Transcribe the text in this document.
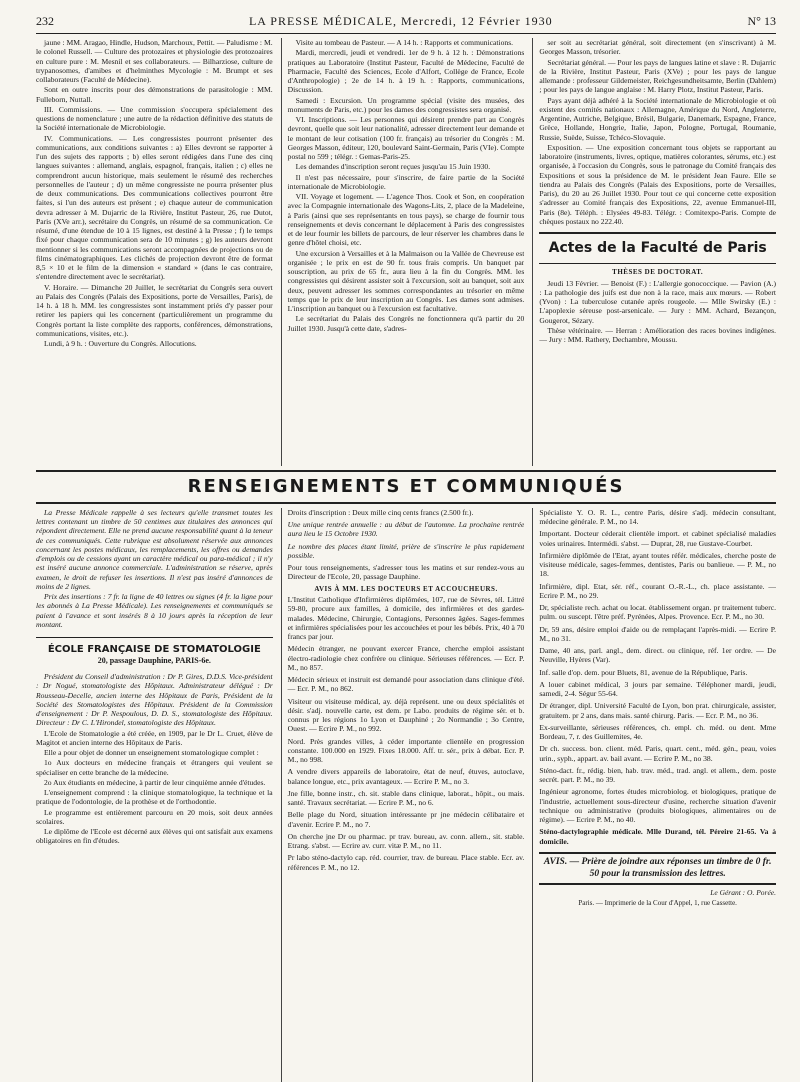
232	LA PRESSE MÉDICALE, Mercredi, 12 Février 1930	N° 13

jaune : MM. Aragao, Hindle, Hudson, Marchoux, Pettit. — Paludisme : M. le colonel Russell. — Culture des protozaires et physiologie des protozoaires en culture pure : M. Mesnil et ses collaborateurs. — Bilharziose, culture de trypanosomes, d'amibes et d'helminthes Mycologie : M. Brumpt et ses collaborateurs (Faculté de Médecine).

Sont en outre inscrits pour des démonstrations de parasitologie : MM. Fulleborn, Nuttall.

III. Commissions. — Une commission s'occupera spécialement des questions de nomenclature ; une autre de la rédaction définitive des statuts de la Société internationale de Microbiologie.

IV. Communications. — Les congressistes pourront présenter des communications, aux conditions suivantes : a) Elles devront se rapporter à l'un des sujets des rapports ; b) elles seront rédigées dans l'une des cinq langues suivantes : allemand, anglais, espagnol, français, italien ; c) elles ne comprendront aucun historique, mais seulement le résumé des recherches personnelles de l'auteur ; d) un même congressiste ne pourra présenter plus de deux communications. Des communications collectives pourront être faites, si l'un des auteurs est présent ; e) chaque auteur de communication devra adresser à M. Dujarric de la Rivière, Institut Pasteur, 26, rue Dutot, Paris (XVe arr.), secrétaire du Congrès, un résumé de sa communication. Ce résumé, d'une étendue de 10 à 15 lignes, est destiné à la Presse ; f) le temps fixé pour chaque communication sera de 10 minutes ; g) les auteurs devront mentionner si les communications seront accompagnées de projections ou de films cinématographiques. Les clichés de projection devront être de format 8,5 × 10 et le film de la dimension « standard » (dans le cas contraire, s'entendre directement avec le secrétariat).

V. Horaire. — Dimanche 20 Juillet, le secrétariat du Congrès sera ouvert au Palais des Congrès (Palais des Expositions, porte de Versailles, Paris), de 14 h. à 18 h. MM. les congressistes sont instamment priés d'y passer pour retirer les papiers qui les concernent (particulièrement un programme du Congrès portant la liste complète des rapports, conférences, démonstrations, communications, visites, etc.).

Lundi, à 9 h. : Ouverture du Congrès. Allocutions.

Visite au tombeau de Pasteur. — A 14 h. : Rapports et communications.

Mardi, mercredi, jeudi et vendredi. 1er de 9 h. à 12 h. : Démonstrations pratiques au Laboratoire (Institut Pasteur, Faculté de Médecine, Faculté de Pharmacie, Faculté des Sciences, Ecole d'Alfort, Collège de France, Ecole d'Anthropologie) ; 2e de 14 h. à 19 h. : Rapports, communications, Discussion.

Samedi : Excursion. Un programme spécial (visite des musées, des monuments de Paris, etc.) pour les dames des congressistes sera organisé.

VI. Inscriptions. — Les personnes qui désirent prendre part au Congrès devront, quelle que soit leur nationalité, adresser directement leur demande et le montant de leur cotisation (100 fr. français) au trésorier du Congrès : M. Georges Masson, éditeur, 120, boulevard Saint-Germain, Paris (VIe). Compte postal no 599 ; télégr. : Gemas-Paris-25.

Les demandes d'inscription seront reçues jusqu'au 15 Juin 1930.

Il n'est pas nécessaire, pour s'inscrire, de faire partie de la Société internationale de Microbiologie.

VII. Voyage et logement. — L'agence Thos. Cook et Son, en coopération avec la Compagnie internationale des Wagons-Lits, 2, place de la Madeleine, à Paris (ainsi que ses représentants en tous pays), se charge de fournir tous renseignements et devis concernant le déplacement à Paris des congressistes et de leur fournir les billets de parcours, de leur réserver les chambres dans le genre d'hôtel choisi, etc.

Une excursion à Versailles et à la Malmaison ou la Vallée de Chevreuse est organisée ; le prix en est de 90 fr. tous frais compris. Un banquet par souscription, au prix de 65 fr., aura lieu à la fin du Congrès. MM. les congressistes qui désirent assister soit à l'excursion, soit au banquet, soit aux deux, peuvent adresser les sommes correspondantes au trésorier en même temps que le prix de leur inscription au Congrès. Les dames sont admises. L'inscription au banquet ou à l'excursion est facultative.

Le secrétariat du Palais des Congrès ne fonctionnera qu'à partir du 20 Juillet 1930. Jusqu'à cette date, s'adres-

ser soit au secrétariat général, soit directement (en s'inscrivant) à M. Georges Masson, trésorier.

Secrétariat général. — Pour les pays de langues latine et slave : R. Dujarric de la Rivière, Institut Pasteur, Paris (XVe) ; pour les pays de langue allemande : professeur Gildemeister, Reichgesundheitsamte, Berlin (Dahlem) ; pour les pays de langue anglaise : M. Harry Plotz, Institut Pasteur, Paris.

Pays ayant déjà adhéré à la Société internationale de Microbiologie et où existent des comités nationaux : Allemagne, Amérique du Nord, Angleterre, Argentine, Autriche, Belgique, Brésil, Bulgarie, Danemark, Espagne, France, Grèce, Hollande, Hongrie, Italie, Japon, Pologne, Portugal, Roumanie, Russie, Suède, Suisse, Tchéco-Slovaquie.

Exposition. — Une exposition concernant tous objets se rapportant au laboratoire (instruments, livres, optique, matières colorantes, sérums, etc.) est organisée, à l'occasion du Congrès, sous le patronage du Comité français des Expositions et sous la présidence de M. le président Jean Faure. Elle se tiendra au Palais des Congrès (Palais des Expositions, porte de Versailles, Paris), du 20 au 26 Juillet 1930. Pour tout ce qui concerne cette exposition s'adresser au Comité français des Expositions, 22, avenue Emmanuel-III, Paris (8e). Téléph. : Elysées 49-83. Télégr. : Comitexpo-Paris. Compte de chèques postaux no 222.40.

Actes de la Faculté de Paris
THÈSES DE DOCTORAT.

Jeudi 13 Février. — Benoist (F.) : L'allergie gonococcique. — Pavion (A.) : La pathologie des juifs est due non à la race, mais aux mœurs. — Robert (Yvon) : La tuberculose cutanée après rougeole. — Mlle Swirsky (E.) : L'apoplexie séreuse post-arsenicale. — Jury : MM. Achard, Bezançon, Gougerot, Sézary.

Thèse vétérinaire. — Herran : Amélioration des races bovines indigènes. — Jury : MM. Rathery, Dechambre, Moussu.

RENSEIGNEMENTS ET COMMUNIQUÉS

La Presse Médicale rappelle à ses lecteurs qu'elle transmet toutes les lettres contenant un timbre de 50 centimes aux titulaires des annonces qui répondent directement. Elle ne prend aucune responsabilité quant à la teneur de ces communiqués. Cette rubrique est absolument réservée aux annonces concernant les postes médicaux, les remplacements, les offres ou demandes d'emplois ou de cessions ayant un caractère médical ou para-médical ; il n'y est inséré aucune annonce commerciale. L'administration se réserve, après examen, le droit de refuser les insertions. Il n'est pas inséré d'annonces de moins de 2 lignes.

Prix des insertions : 7 fr. la ligne de 40 lettres ou signes (4 fr. la ligne pour les abonnés à La Presse Médicale). Les renseignements et communiqués se paient à l'avance et sont insérés 8 à 10 jours après la réception de leur montant.

ÉCOLE FRANÇAISE DE STOMATOLOGIE
20, passage Dauphine, PARIS-6e.

Président du Conseil d'administration : Dr P. Gires, D.D.S. Vice-président : Dr Nogué, stomatologiste des Hôpitaux. Administrateur délégué : Dr Rousseau-Decelle, ancien interne des Hôpitaux de Paris, Président de la Société des Stomatologistes des Hôpitaux. Président de la Commission d'enseignement : Dr P. Nespoulous, D. D. S., stomatologiste des Hôpitaux. Directeur : Dr C. L'Hirondel, stomatologiste des Hôpitaux.

L'Ecole de Stomatologie a été créée, en 1909, par le Dr L. Cruet, élève de Magitot et ancien interne des Hôpitaux de Paris.

Elle a pour objet de donner un enseignement stomatologique complet :

1o Aux docteurs en médecine français et étrangers qui veulent se spécialiser en cette branche de la médecine.

2o Aux étudiants en médecine, à partir de leur cinquième année d'études.

L'enseignement comprend : la clinique stomatologique, la technique et la pratique de l'odontologie, de la prothèse et de l'orthodontie.

Le programme est entièrement parcouru en 20 mois, soit deux années scolaires.

Le diplôme de l'Ecole est décerné aux élèves qui ont satisfait aux examens obligatoires en fin d'études.

Droits d'inscription : Deux mille cinq cents francs (2.500 fr.).

Une unique rentrée annuelle : au début de l'automne. La prochaine rentrée aura lieu le 15 Octobre 1930.

Le nombre des places étant limité, prière de s'inscrire le plus rapidement possible.

Pour tous renseignements, s'adresser tous les matins et sur rendez-vous au Directeur de l'Ecole, 20, passage Dauphine.

AVIS À MM. LES DOCTEURS ET ACCOUCHEURS.

L'Institut Catholique d'Infirmières diplômées, 107, rue de Sèvres, tél. Littré 59-80, procure aux familles, à domicile, des infirmières et des gardes-malades. Médecine, Chirurgie, Contagions, Personnes âgées. Sages-femmes et infirmières spécialisées pour les accouchées et pour les bébés. Prix, 40 à 70 francs par jour.

Médecin étranger, ne pouvant exercer France, cherche emploi assistant électro-radiologie chez confrère ou clinique. Sérieuses références. — Ecr. P. M., no 857.

Médecin sérieux et instruit est demandé pour association dans clinique d'été. — Ecr. P. M., no 862.

Visiteur ou visiteuse médical, ay. déjà représent. une ou deux spécialités et désir. s'adj. nouvelle carte, est dem. pr Labo. produits de régime sér. et b. connus pr les régions 1o Lyon et Dauphiné ; 2o Normandie ; 3o Centre, Ouest. — Ecrire P. M., no 992.

Nord. Près grandes villes, à céder importante clientèle en progression constante. 100.000 en 1929. Fixes 18.000. Aff. tr. sér., prix à débat. Ecr. P. M., no 998.

A vendre divers appareils de laboratoire, état de neuf, étuves, autoclave, balance longue, etc., prix avantageux. — Ecrire P. M., no 3.

Jne fille, bonne instr., ch. sit. stable dans clinique, laborat., hôpit., ou mais. santé. Travaux secrétariat. — Ecrire P. M., no 6.

Belle plage du Nord, situation intéressante pr jne médecin célibataire et d'avenir. Ecrire P. M., no 7.

On cherche jne Dr ou pharmac. pr trav. bureau, av. conn. allem., sit. stable. Etrang. s'abst. — Ecrire av. curr. vitæ P. M., no 11.

Pr labo sténo-dactylo cap. réd. courrier, trav. de bureau. Place stable. Ecr. av. références P. M., no 12.

Spécialiste Y. O. R. L., centre Paris, désire s'adj. médecin consultant, médecine générale. P. M., no 14.

Important. Docteur céderait clientèle import. et cabinet spécialisé maladies voies urinaires. Intermédi. s'abst. — Duprat, 28, rue Gustave-Courbet.

Infirmière diplômée de l'Etat, ayant toutes référ. médicales, cherche poste de visiteuse médicale, sages-femmes, dentistes, Paris ou banlieue. — P. M., no 18.

Infirmière, dipl. Etat, sér. réf., courant O.-R.-L., ch. place assistante. — Ecrire P. M., no 29.

Dr, spécialiste rech. achat ou locat. établissement organ. pr traitement tuberc. pulm. ou suscept. l'être préf. Pyrénées, Alpes. Provence. Ecr. P. M., no 30.

Dr, 59 ans, désire emploi d'aide ou de remplaçant l'après-midi. — Ecrire P. M., no 31.

Dame, 40 ans, parl. angl., dem. direct. ou clinique, réf. 1er ordre. — De Neuville, Hyères (Var).

Inf. salle d'op. dem. pour Bluets, 81, avenue de la République, Paris.

A louer cabinet médical, 3 jours par semaine. Téléphoner mardi, jeudi, samedi, 2-4. Ségur 55-64.

Dr étranger, dipl. Université Faculté de Lyon, bon prat. chirurgicale, assister, gratuitem. pr 2 ans, dans mais. santé chirurg. Paris. — Ecr. P. M., no 36.

Ex-surveillante, sérieuses références, ch. empl. ch. méd. ou dent. Mme Bordeau, 7, r. des Guillemites, 4e.

Dr ch. success. bon. client. méd. Paris, quart. cent., méd. gén., peau, voies urin., syph., appart. av. bail avant. — Ecrire P. M., no 38.

Sténo-dact. fr., rédig. bien, hab. trav. méd., trad. angl. et allem., dem. poste secrét. part. P. M., no 39.

Ingénieur agronome, fortes études microbiolog. et biologiques, pratique de l'industrie, actuellement sous-directeur d'usine, recherche situation d'avenir technique ou administrative (produits biologiques, alimentaires ou de régime). — Ecrire P. M., no 40.

Sténo-dactylographie médicale. Mlle Durand, tél. Péreire 21-65. Va à domicile.

AVIS. — Prière de joindre aux réponses un timbre de 0 fr. 50 pour la transmission des lettres.
Le Gérant : O. Porée.
Paris. — Imprimerie de la Cour d'Appel, 1, rue Cassette.
